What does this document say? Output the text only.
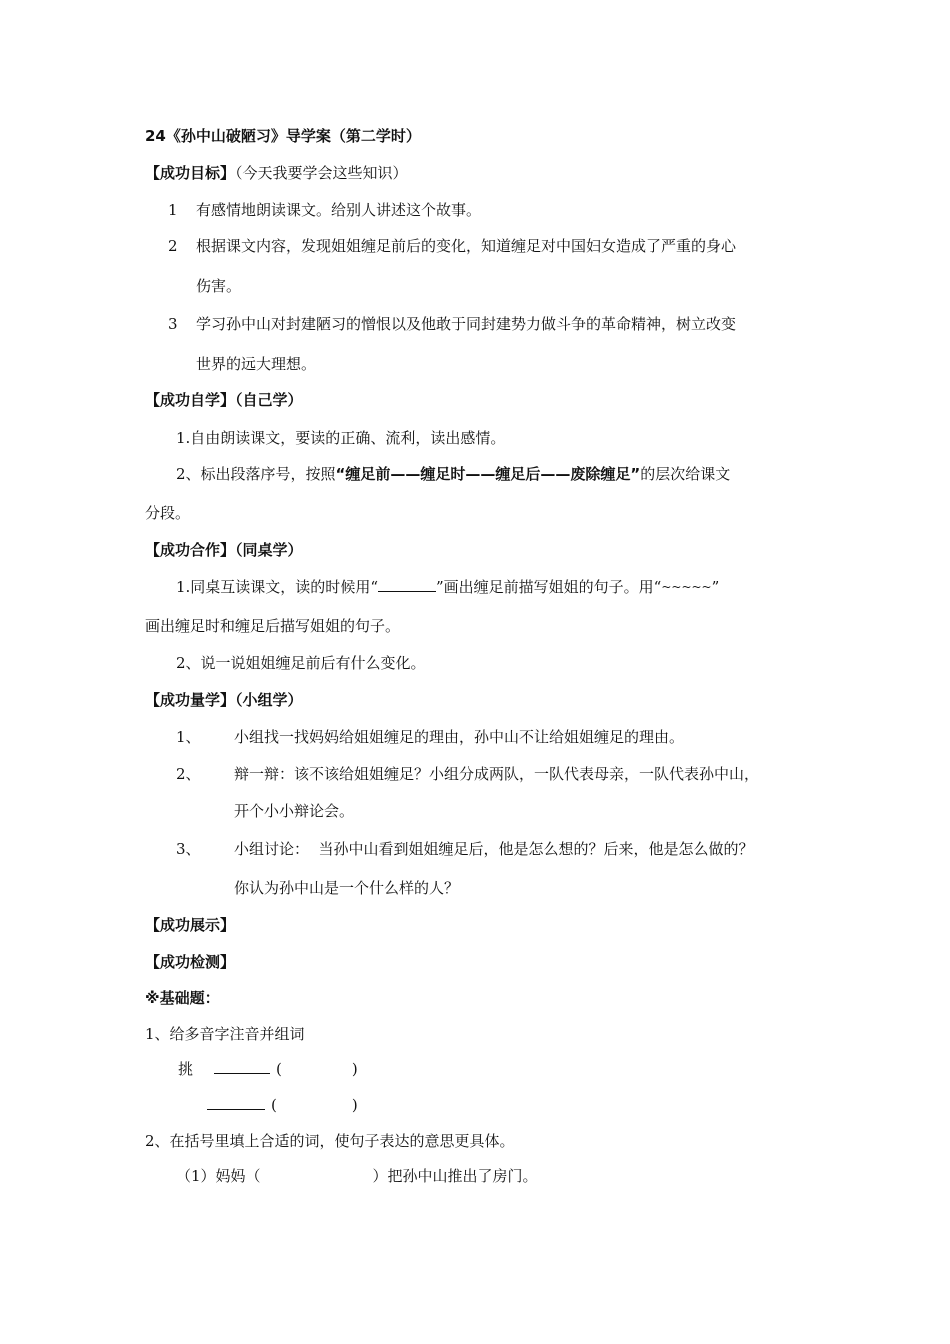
24《孙中山破陋习》导学案（第二学时）
【成功目标】（今天我要学会这些知识）
1 有感情地朗读课文。给别人讲述这个故事。
2 根据课文内容，发现姐姐缠足前后的变化，知道缠足对中国妇女造成了严重的身心
伤害。
3 学习孙中山对封建陋习的憎恨以及他敢于同封建势力做斗争的革命精神，树立改变
世界的远大理想。
【成功自学】（自己学）
1.自由朗读课文，要读的正确、流利，读出感情。
2、标出段落序号，按照“缠足前——缠足时——缠足后——废除缠足”的层次给课文
分段。
【成功合作】（同桌学）
1.同桌互读课文，读的时候用“	”画出缠足前描写姐姐的句子。用“~~~~~”
画出缠足时和缠足后描写姐姐的句子。
2、说一说姐姐缠足前后有什么变化。
【成功量学】（小组学）
1、 小组找一找妈妈给姐姐缠足的理由，孙中山不让给姐姐缠足的理由。
2、 辩一辩：该不该给姐姐缠足？小组分成两队，一队代表母亲，一队代表孙中山，
开个小小辩论会。
3、 小组讨论：  当孙中山看到姐姐缠足后，他是怎么想的？后来，他是怎么做的？
你认为孙中山是一个什么样的人？
【成功展示】
【成功检测】
※基础题：
1、给多音字注音并组词
挑	(	)
(	)
2、在括号里填上合适的词，使句子表达的意思更具体。
（1）妈妈（	）把孙中山推出了房门。
